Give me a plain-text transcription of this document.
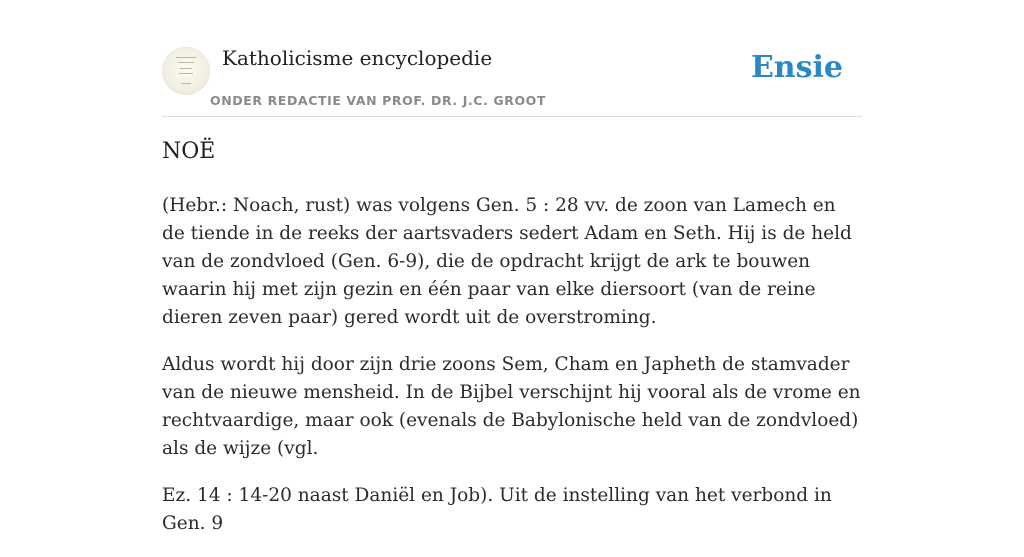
Katholicisme encyclopedie
ONDER REDACTIE VAN PROF. DR. J.C. GROOT
Ensie
NOË

(Hebr.: Noach, rust) was volgens Gen. 5 : 28 vv. de zoon van Lamech en de tiende in de reeks der aartsvaders sedert Adam en Seth. Hij is de held van de zondvloed (Gen. 6-9), die de opdracht krijgt de ark te bouwen waarin hij met zijn gezin en één paar van elke diersoort (van de reine dieren zeven paar) gered wordt uit de overstroming.

Aldus wordt hij door zijn drie zoons Sem, Cham en Japheth de stamvader van de nieuwe mensheid. In de Bijbel verschijnt hij vooral als de vrome en rechtvaardige, maar ook (evenals de Babylonische held van de zondvloed) als de wijze (vgl.

Ez. 14 : 14-20 naast Daniël en Job). Uit de instelling van het verbond in Gen. 9
